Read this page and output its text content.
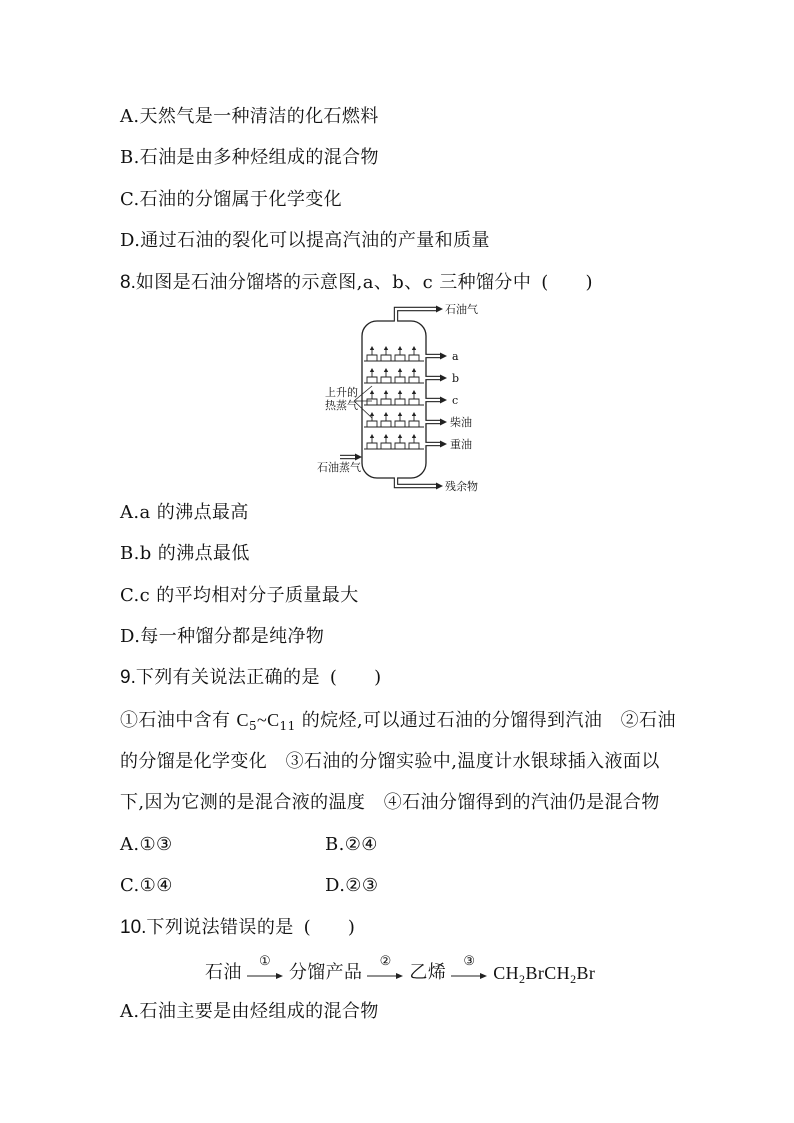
A.天然气是一种清洁的化石燃料
B.石油是由多种烃组成的混合物
C.石油的分馏属于化学变化
D.通过石油的裂化可以提高汽油的产量和质量
8.如图是石油分馏塔的示意图,a、b、c 三种馏分中 (　　)
石油气
a
b
c
柴油
重油
上升的
热蒸气
石油蒸气
残余物
A.a 的沸点最高
B.b 的沸点最低
C.c 的平均相对分子质量最大
D.每一种馏分都是纯净物
9.下列有关说法正确的是 (　　)
①石油中含有 $C_5\sim C_{11}$ 的烷烃,可以通过石油的分馏得到汽油　②石油
的分馏是化学变化　③石油的分馏实验中,温度计水银球插入液面以
下,因为它测的是混合液的温度　④石油分馏得到的汽油仍是混合物
A.①③	B.②④
C.①④	D.②③
10.下列说法错误的是 (　　)
石油
①
分馏产品
②
乙烯
③
$CH_2BrCH_2Br$
A.石油主要是由烃组成的混合物
